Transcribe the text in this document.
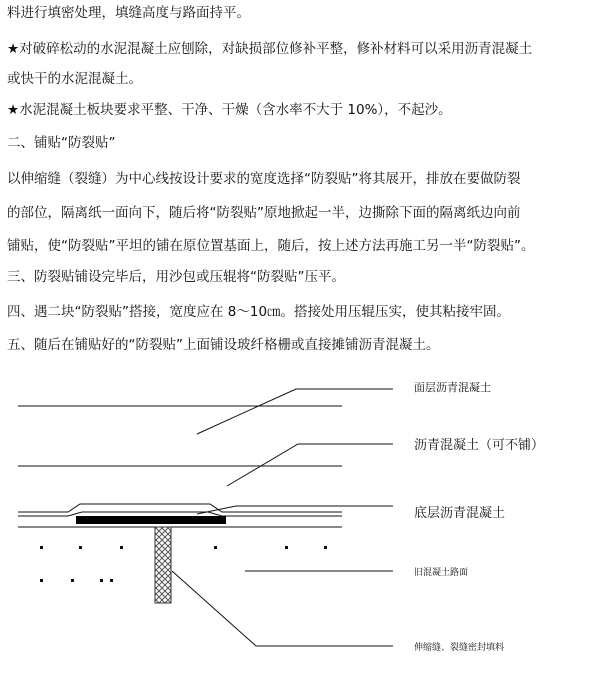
料进行填密处理，填缝高度与路面持平。
★对破碎松动的水泥混凝土应刨除，对缺损部位修补平整，修补材料可以采用沥青混凝土
或快干的水泥混凝土。
★水泥混凝土板块要求平整、干净、干燥（含水率不大于 10%），不起沙。
二、铺贴“防裂贴”
以伸缩缝（裂缝）为中心线按设计要求的宽度选择“防裂贴”将其展开，排放在要做防裂
的部位，隔离纸一面向下，随后将“防裂贴”原地掀起一半，边撕除下面的隔离纸边向前
铺贴，使“防裂贴”平坦的铺在原位置基面上，随后，按上述方法再施工另一半“防裂贴”。
三、防裂贴铺设完毕后，用沙包或压辊将“防裂贴”压平。
四、遇二块“防裂贴”搭接，宽度应在 8～10㎝。搭接处用压辊压实，使其粘接牢固。
五、随后在铺贴好的“防裂贴”上面铺设玻纤格栅或直接摊铺沥青混凝土。
面层沥青混凝土
沥青混凝土（可不铺）
底层沥青混凝土
旧混凝土路面
伸缩缝、裂缝密封填料
